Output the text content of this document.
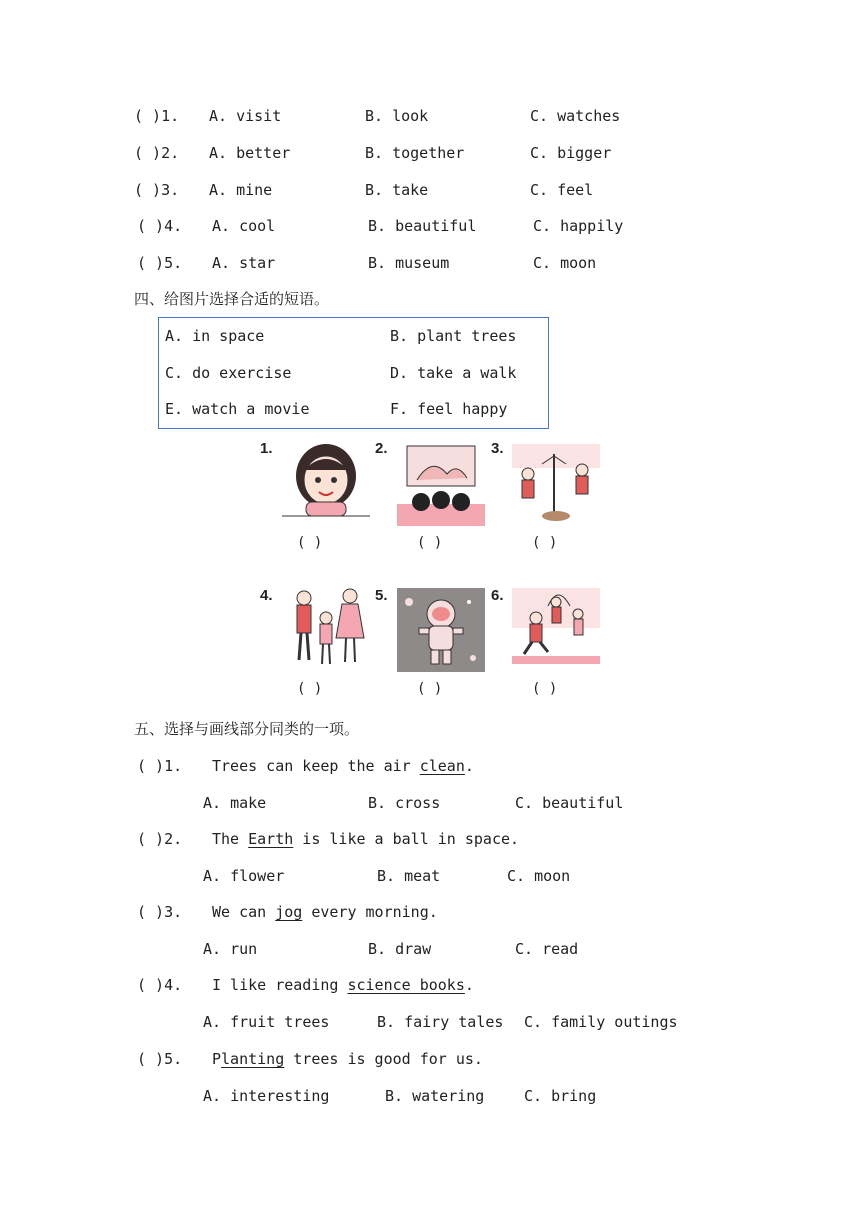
( )1. A. visit	B. look	C. watches
( )2. A. better	B. together	C. bigger
( )3. A. mine	B. take	C. feel
( )4. A. cool	B. beautiful	C. happily
( )5. A. star	B. museum	C. moon
四、给图片选择合适的短语。
A. in space	B. plant trees
C. do exercise	D. take a walk
E. watch a movie	F. feel happy
1.
( )
2.
( )
3.
( )
4.
( )
5.
( )
6.
( )
五、选择与画线部分同类的一项。
( )1. Trees can keep the air clean.
A. make	B. cross	C. beautiful
( )2. The Earth is like a ball in space.
A. flower	B. meat	C. moon
( )3. We can jog every morning.
A. run	B. draw	C. read
( )4. I like reading science books.
A. fruit trees	B. fairy tales C. family outings
( )5. Planting trees is good for us.
A. interesting	B. watering	C. bring
